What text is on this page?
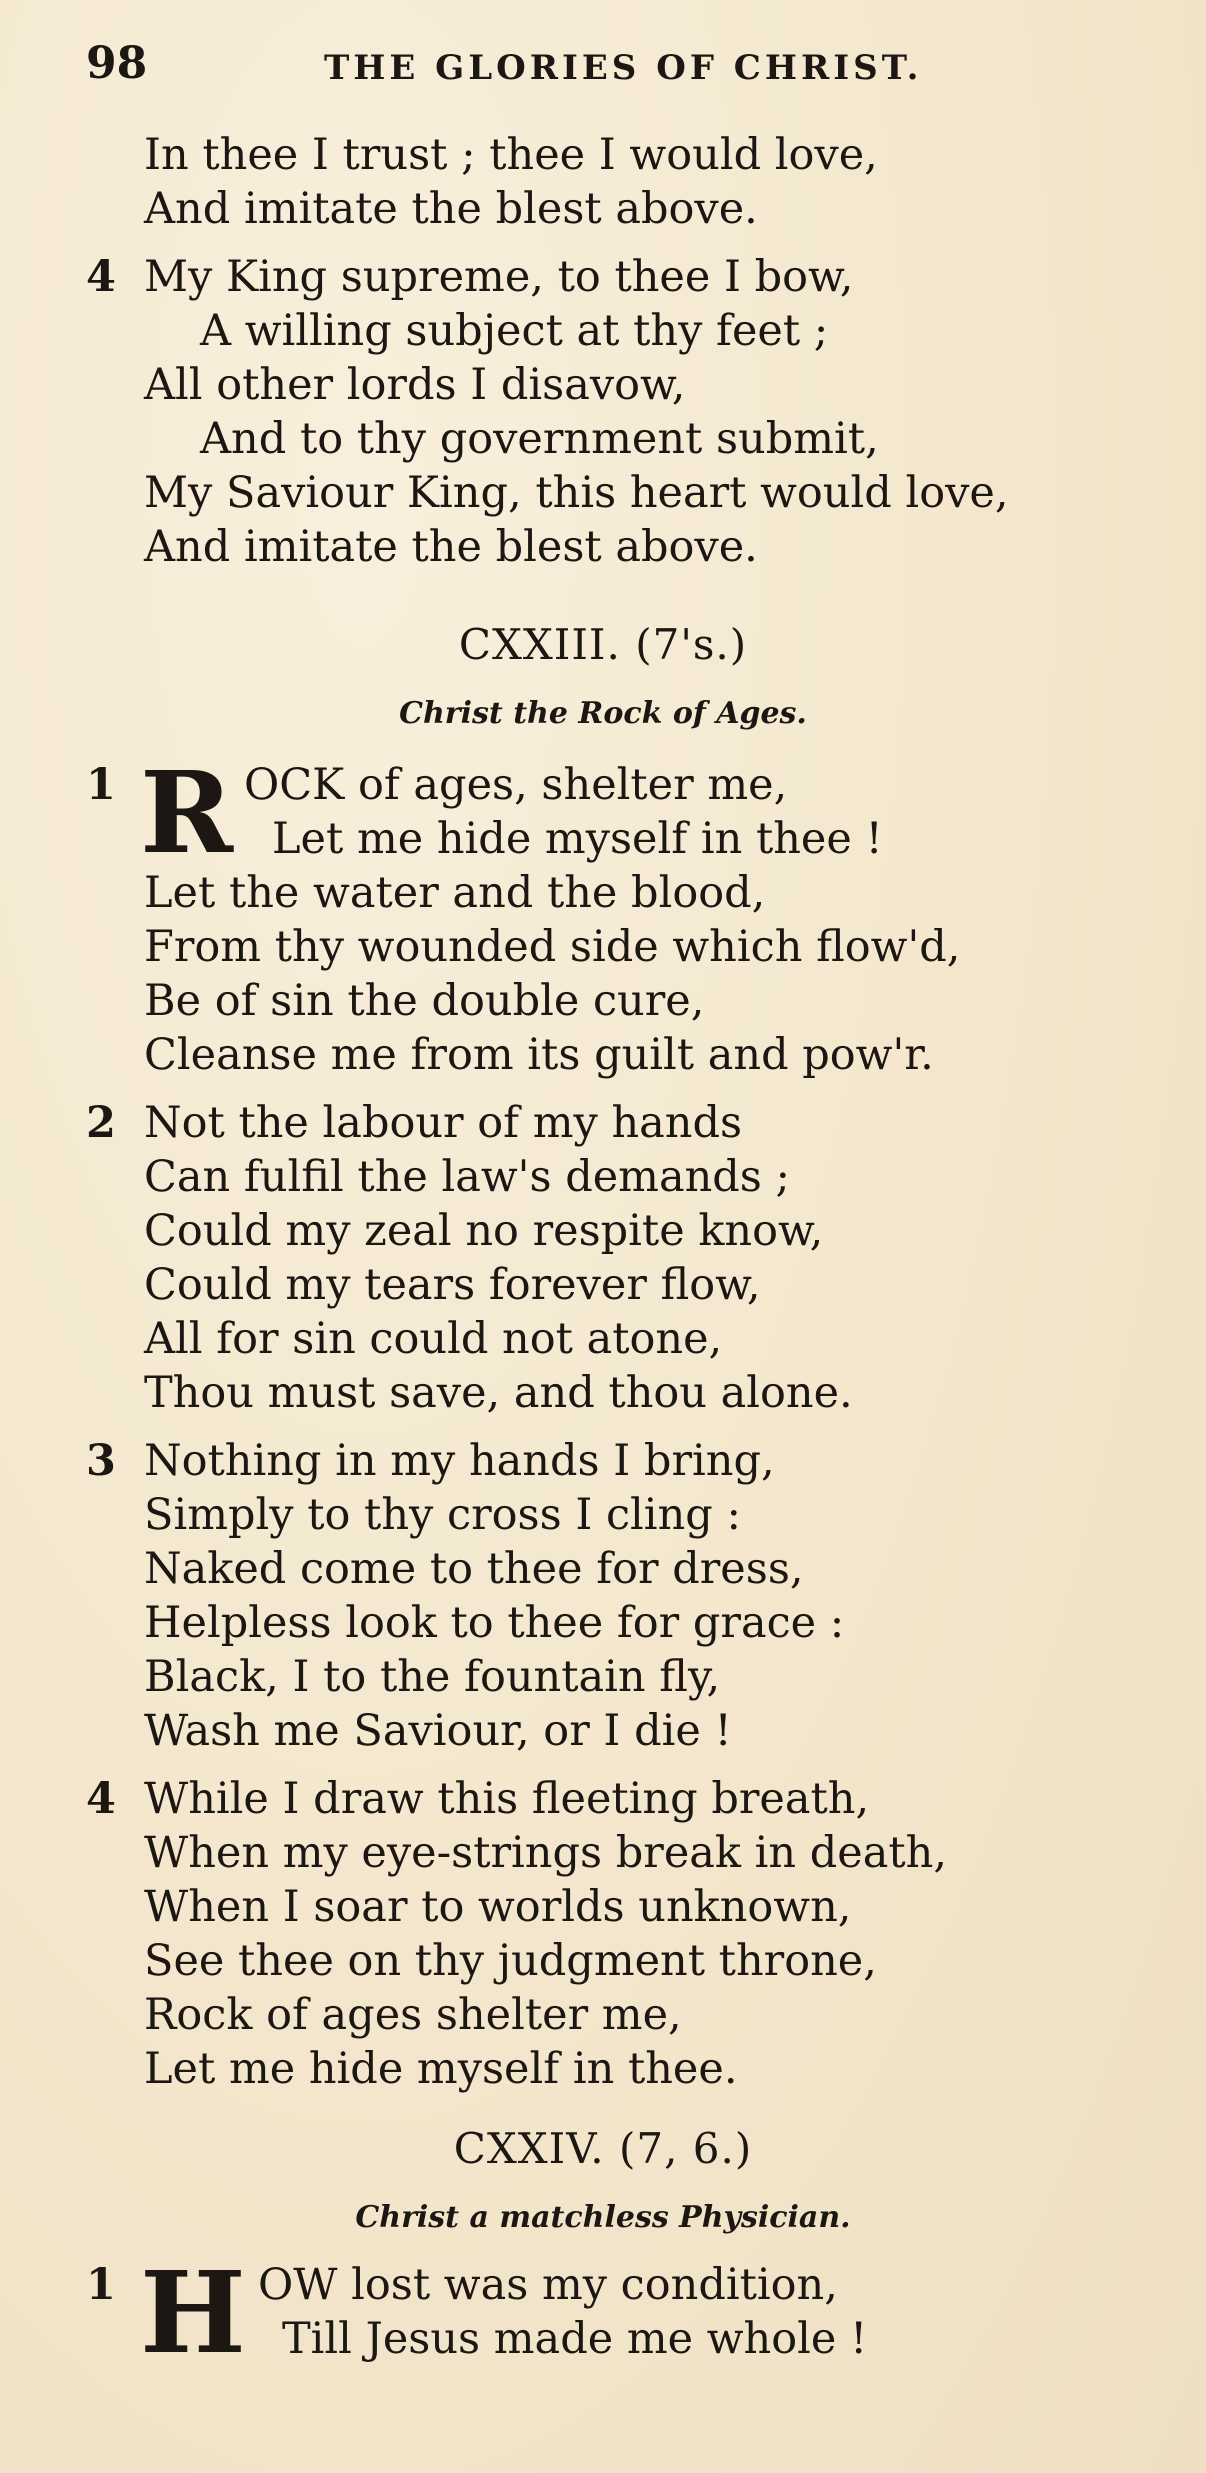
98	THE GLORIES OF CHRIST.
In thee I trust ; thee I would love,
And imitate the blest above.
4 My King supreme, to thee I bow,
A willing subject at thy feet ;
All other lords I disavow,
And to thy government submit,
My Saviour King, this heart would love,
And imitate the blest above.
CXXIII. (7's.)
Christ the Rock of Ages.
R
1	OCK of ages, shelter me,
Let me hide myself in thee !
Let the water and the blood,
From thy wounded side which flow'd,
Be of sin the double cure,
Cleanse me from its guilt and pow'r.
2 Not the labour of my hands
Can fulfil the law's demands ;
Could my zeal no respite know,
Could my tears forever flow,
All for sin could not atone,
Thou must save, and thou alone.
3 Nothing in my hands I bring,
Simply to thy cross I cling :
Naked come to thee for dress,
Helpless look to thee for grace :
Black, I to the fountain fly,
Wash me Saviour, or I die !
4 While I draw this fleeting breath,
When my eye-strings break in death,
When I soar to worlds unknown,
See thee on thy judgment throne,
Rock of ages shelter me,
Let me hide myself in thee.
CXXIV. (7, 6.)
Christ a matchless Physician.
H
1	OW lost was my condition,
Till Jesus made me whole !
